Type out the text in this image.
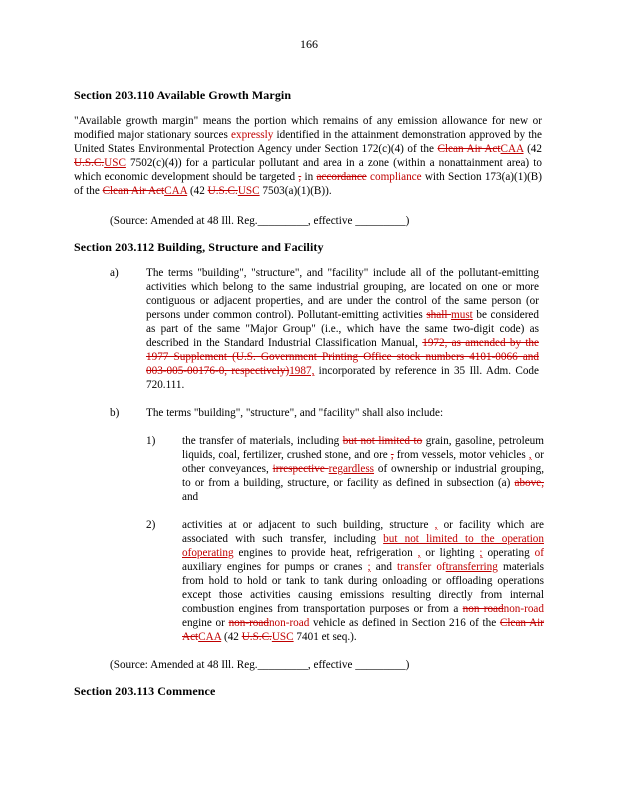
166
Section 203.110 Available Growth Margin
"Available growth margin" means the portion which remains of any emission allowance for new or modified major stationary sources expressly identified in the attainment demonstration approved by the United States Environmental Protection Agency under Section 172(c)(4) of the Clean Air ActCAA (42 U.S.C.USC 7502(c)(4)) for a particular pollutant and area in a zone (within a nonattainment area) to which economic development should be targeted , in accordance compliance with Section 173(a)(1)(B) of the Clean Air ActCAA (42 U.S.C.USC 7503(a)(1)(B)).
(Source: Amended at 48 Ill. Reg._________, effective _________)
Section 203.112 Building, Structure and Facility
a)	The terms "building", "structure", and "facility" include all of the pollutant-emitting activities which belong to the same industrial grouping, are located on one or more contiguous or adjacent properties, and are under the control of the same person (or persons under common control). Pollutant-emitting activities shall must be considered as part of the same "Major Group" (i.e., which have the same two-digit code) as described in the Standard Industrial Classification Manual, 1972, as amended by the 1977 Supplement (U.S. Government Printing Office stock numbers 4101-0066 and 003-005-00176-0, respectively)1987, incorporated by reference in 35 Ill. Adm. Code 720.111.
b)	The terms "building", "structure", and "facility" shall also include:
1)	the transfer of materials, including but not limited to grain, gasoline, petroleum liquids, coal, fertilizer, crushed stone, and ore , from vessels, motor vehicles , or other conveyances, irrespective regardless of ownership or industrial grouping, to or from a building, structure, or facility as defined in subsection (a) above, and
2)	activities at or adjacent to such building, structure , or facility which are associated with such transfer, including but not limited to the operation ofoperating engines to provide heat, refrigeration , or lighting ; operating of auxiliary engines for pumps or cranes ; and transfer oftransferring materials from hold to hold or tank to tank during onloading or offloading operations except those activities causing emissions resulting directly from internal combustion engines from transportation purposes or from a non roadnon-road engine or non-roadnon-road vehicle as defined in Section 216 of the Clean Air ActCAA (42 U.S.C.USC 7401 et seq.).
(Source: Amended at 48 Ill. Reg._________, effective _________)
Section 203.113 Commence
